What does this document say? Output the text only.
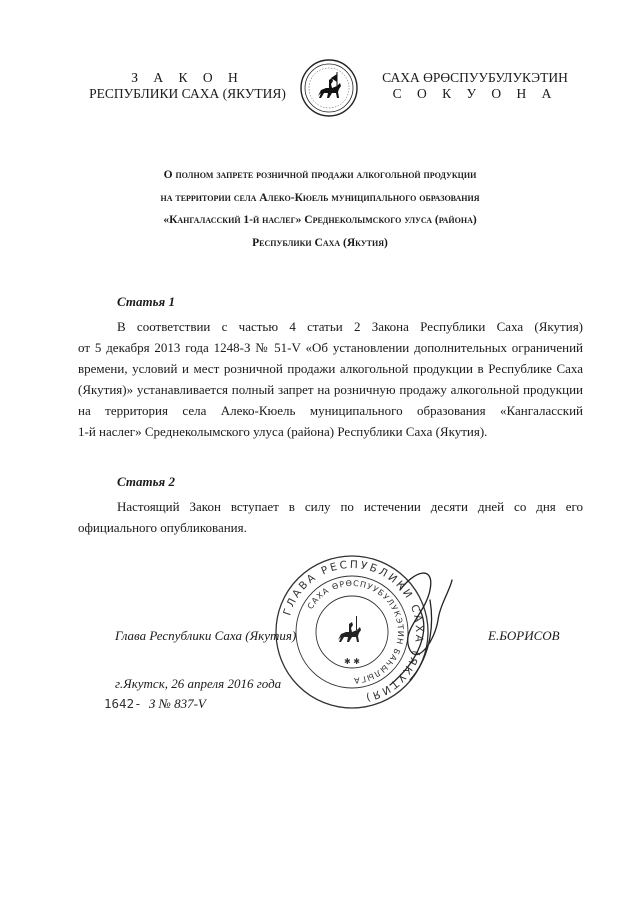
З А К О Н
РЕСПУБЛИКИ САХА (ЯКУТИЯ)
САХА ӨРӨСПУУБУЛУКЭТИН
С О К У О Н А
О полном запрете розничной продажи алкогольной продукции
на территории села Алеко-Кюель муниципального образования
«Кангаласский 1-й наслег» Среднеколымского улуса (района)
Республики Саха (Якутия)
Статья 1
В соответствии с частью 4 статьи 2 Закона Республики Саха (Якутия)
от 5 декабря 2013 года 1248-З № 51-V «Об установлении дополнительных ограничений
времени, условий и мест розничной продажи алкогольной продукции в Республике Саха
(Якутия)» устанавливается полный запрет на розничную продажу алкогольной продукции
на территория села Алеко-Кюель муниципального образования «Кангаласский
1-й наслег» Среднеколымского улуса (района) Республики Саха (Якутия).
Статья 2
Настоящий Закон вступает в силу по истечении десяти дней со дня его
официального опубликования.
ГЛАВА РЕСПУБЛИКИ САХА (ЯКУТИЯ)
САХА ӨРӨСПУУБУЛУКЭТИН БАҺЫЛЫГА
✱ ✱
Глава Республики Саха (Якутия)	Е.БОРИСОВ
г.Якутск, 26 апреля 2016 года
1642- З № 837-V
